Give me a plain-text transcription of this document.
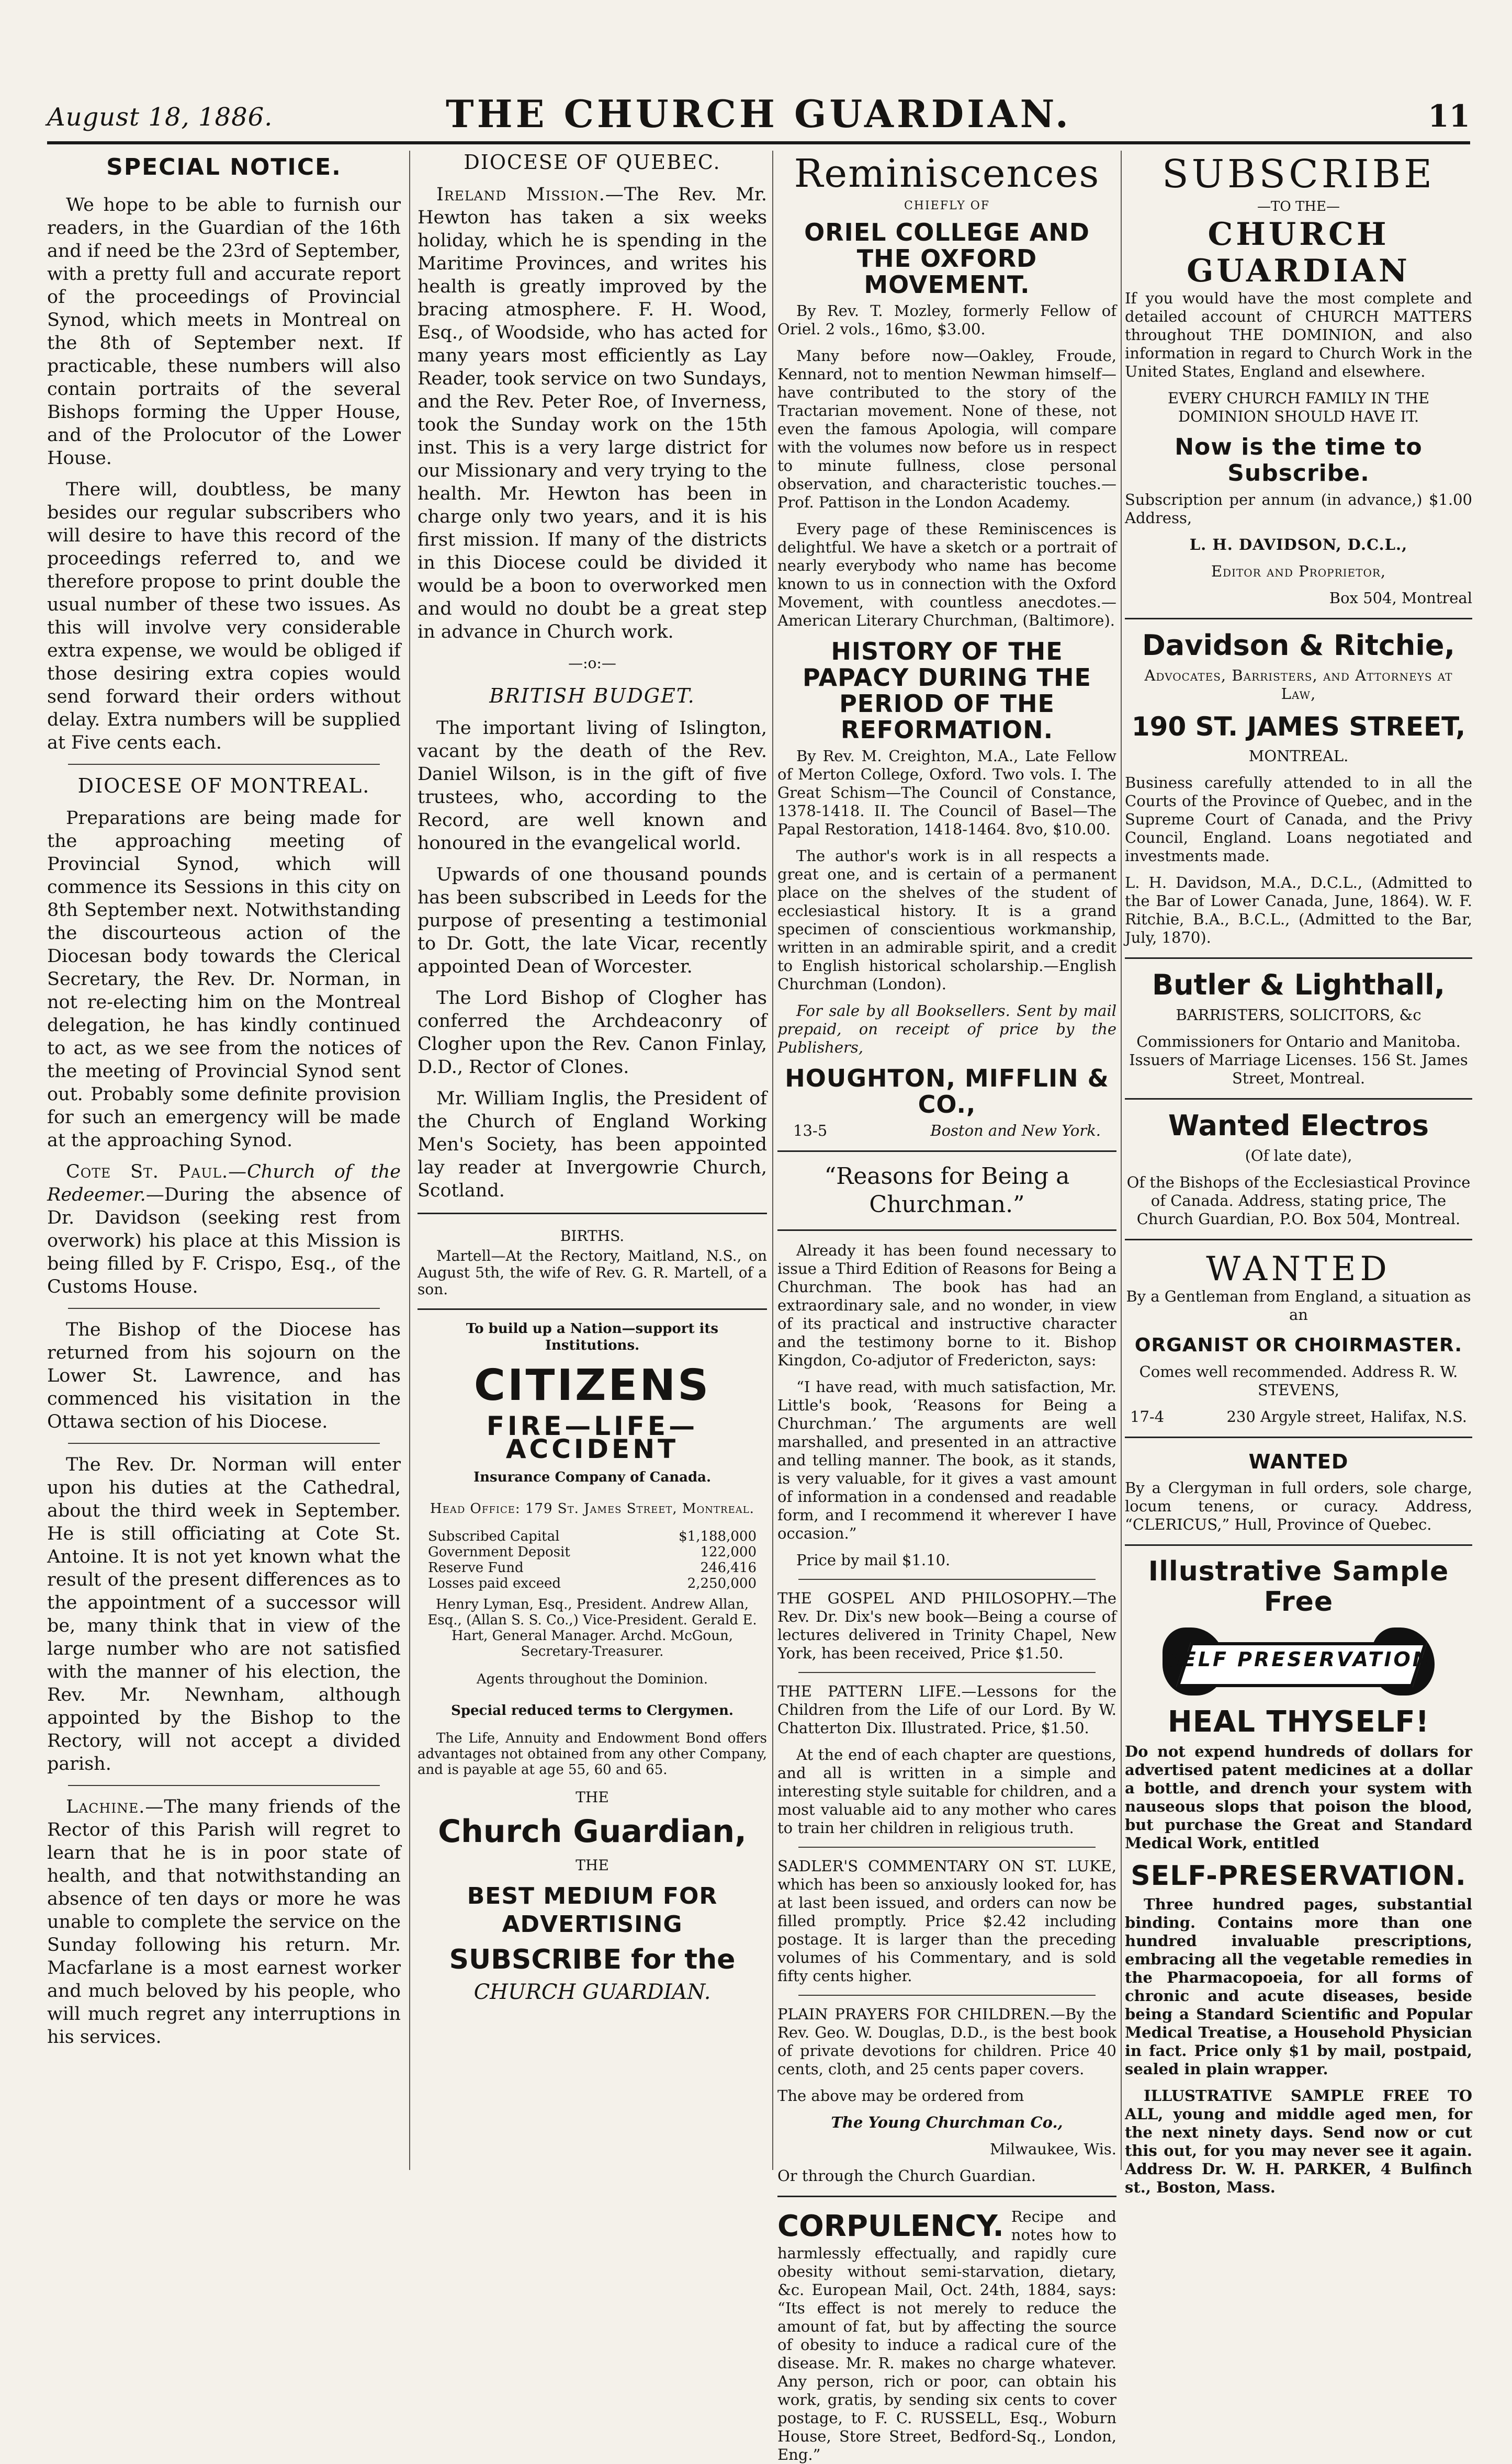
August 18, 1886.	THE CHURCH GUARDIAN.	11
SPECIAL NOTICE.

We hope to be able to furnish our readers, in the Guardian of the 16th and if need be the 23rd of September, with a pretty full and accurate report of the proceedings of Provincial Synod, which meets in Montreal on the 8th of September next. If practicable, these numbers will also contain portraits of the several Bishops forming the Upper House, and of the Prolocutor of the Lower House.

There will, doubtless, be many besides our regular subscribers who will desire to have this record of the proceedings referred to, and we therefore propose to print double the usual number of these two issues. As this will involve very considerable extra expense, we would be obliged if those desiring extra copies would send forward their orders without delay. Extra numbers will be supplied at Five cents each.

DIOCESE OF MONTREAL.

Preparations are being made for the approaching meeting of Provincial Synod, which will commence its Sessions in this city on 8th September next. Notwithstanding the discourteous action of the Diocesan body towards the Clerical Secretary, the Rev. Dr. Norman, in not re-electing him on the Montreal delegation, he has kindly continued to act, as we see from the notices of the meeting of Provincial Synod sent out. Probably some definite provision for such an emergency will be made at the approaching Synod.

Cote St. Paul.—Church of the Redeemer.—During the absence of Dr. Davidson (seeking rest from overwork) his place at this Mission is being filled by F. Crispo, Esq., of the Customs House.

The Bishop of the Diocese has returned from his sojourn on the Lower St. Lawrence, and has commenced his visitation in the Ottawa section of his Diocese.

The Rev. Dr. Norman will enter upon his duties at the Cathedral, about the third week in September. He is still officiating at Cote St. Antoine. It is not yet known what the result of the present differences as to the appointment of a successor will be, many think that in view of the large number who are not satisfied with the manner of his election, the Rev. Mr. Newnham, although appointed by the Bishop to the Rectory, will not accept a divided parish.

Lachine.—The many friends of the Rector of this Parish will regret to learn that he is in poor state of health, and that notwithstanding an absence of ten days or more he was unable to complete the service on the Sunday following his return. Mr. Macfarlane is a most earnest worker and much beloved by his people, who will much regret any interruptions in his services.

DIOCESE OF QUEBEC.

Ireland Mission.—The Rev. Mr. Hewton has taken a six weeks holiday, which he is spending in the Maritime Provinces, and writes his health is greatly improved by the bracing atmosphere. F. H. Wood, Esq., of Woodside, who has acted for many years most efficiently as Lay Reader, took service on two Sundays, and the Rev. Peter Roe, of Inverness, took the Sunday work on the 15th inst. This is a very large district for our Missionary and very trying to the health. Mr. Hewton has been in charge only two years, and it is his first mission. If many of the districts in this Diocese could be divided it would be a boon to overworked men and would no doubt be a great step in advance in Church work.

—:o:—
BRITISH BUDGET.

The important living of Islington, vacant by the death of the Rev. Daniel Wilson, is in the gift of five trustees, who, according to the Record, are well known and honoured in the evangelical world.

Upwards of one thousand pounds has been subscribed in Leeds for the purpose of presenting a testimonial to Dr. Gott, the late Vicar, recently appointed Dean of Worcester.

The Lord Bishop of Clogher has conferred the Archdeaconry of Clogher upon the Rev. Canon Finlay, D.D., Rector of Clones.

Mr. William Inglis, the President of the Church of England Working Men's Society, has been appointed lay reader at Invergowrie Church, Scotland.

BIRTHS.

Martell—At the Rectory, Maitland, N.S., on August 5th, the wife of Rev. G. R. Martell, of a son.

To build up a Nation—support its Institutions.

CITIZENS
FIRE—LIFE—ACCIDENT

Insurance Company of Canada.

Head Office: 179 St. James Street, Montreal.

Subscribed Capital	$1,188,000
Government Deposit	122,000
Reserve Fund	246,416
Losses paid exceed	2,250,000

Henry Lyman, Esq., President. Andrew Allan, Esq., (Allan S. S. Co.,) Vice-President. Gerald E. Hart, General Manager. Archd. McGoun, Secretary-Treasurer.

Agents throughout the Dominion.

Special reduced terms to Clergymen.

The Life, Annuity and Endowment Bond offers advantages not obtained from any other Company, and is payable at age 55, 60 and 65.

THE
Church Guardian,
THE
BEST MEDIUM FOR ADVERTISING
SUBSCRIBE for the
CHURCH GUARDIAN.
Reminiscences
CHIEFLY OF
ORIEL COLLEGE AND THE OXFORD MOVEMENT.

By Rev. T. Mozley, formerly Fellow of Oriel. 2 vols., 16mo, $3.00.

Many before now—Oakley, Froude, Kennard, not to mention Newman himself—have contributed to the story of the Tractarian movement. None of these, not even the famous Apologia, will compare with the volumes now before us in respect to minute fullness, close personal observation, and characteristic touches.—Prof. Pattison in the London Academy.

Every page of these Reminiscences is delightful. We have a sketch or a portrait of nearly everybody who name has become known to us in connection with the Oxford Movement, with countless anecdotes.—American Literary Churchman, (Baltimore).

HISTORY OF THE PAPACY DURING THE PERIOD OF THE REFORMATION.

By Rev. M. Creighton, M.A., Late Fellow of Merton College, Oxford. Two vols. I. The Great Schism—The Council of Constance, 1378-1418. II. The Council of Basel—The Papal Restoration, 1418-1464. 8vo, $10.00.

The author's work is in all respects a great one, and is certain of a permanent place on the shelves of the student of ecclesiastical history. It is a grand specimen of conscientious workmanship, written in an admirable spirit, and a credit to English historical scholarship.—English Churchman (London).

For sale by all Booksellers. Sent by mail prepaid, on receipt of price by the Publishers,

HOUGHTON, MIFFLIN & CO.,
13-5	Boston and New York.
“Reasons for Being a Churchman.”

Already it has been found necessary to issue a Third Edition of Reasons for Being a Churchman. The book has had an extraordinary sale, and no wonder, in view of its practical and instructive character and the testimony borne to it. Bishop Kingdon, Co-adjutor of Fredericton, says:

“I have read, with much satisfaction, Mr. Little's book, ‘Reasons for Being a Churchman.’ The arguments are well marshalled, and presented in an attractive and telling manner. The book, as it stands, is very valuable, for it gives a vast amount of information in a condensed and readable form, and I recommend it wherever I have occasion.”

Price by mail $1.10.

THE GOSPEL AND PHILOSOPHY.—The Rev. Dr. Dix's new book—Being a course of lectures delivered in Trinity Chapel, New York, has been received, Price $1.50.

THE PATTERN LIFE.—Lessons for the Children from the Life of our Lord. By W. Chatterton Dix. Illustrated. Price, $1.50.

At the end of each chapter are questions, and all is written in a simple and interesting style suitable for children, and a most valuable aid to any mother who cares to train her children in religious truth.

SADLER'S COMMENTARY ON ST. LUKE, which has been so anxiously looked for, has at last been issued, and orders can now be filled promptly. Price $2.42 including postage. It is larger than the preceding volumes of his Commentary, and is sold fifty cents higher.

PLAIN PRAYERS FOR CHILDREN.—By the Rev. Geo. W. Douglas, D.D., is the best book of private devotions for children. Price 40 cents, cloth, and 25 cents paper covers.

The above may be ordered from

The Young Churchman Co.,

Milwaukee, Wis.

Or through the Church Guardian.

CORPULENCY. Recipe and notes how to harmlessly effectually, and rapidly cure obesity without semi-starvation, dietary, &c. European Mail, Oct. 24th, 1884, says: “Its effect is not merely to reduce the amount of fat, but by affecting the source of obesity to induce a radical cure of the disease. Mr. R. makes no charge whatever. Any person, rich or poor, can obtain his work, gratis, by sending six cents to cover postage, to F. C. RUSSELL, Esq., Woburn House, Store Street, Bedford-Sq., London, Eng.”
SUBSCRIBE
—TO THE—
CHURCH GUARDIAN

If you would have the most complete and detailed account of CHURCH MATTERS throughout THE DOMINION, and also information in regard to Church Work in the United States, England and elsewhere.

EVERY CHURCH FAMILY IN THE DOMINION SHOULD HAVE IT.

Now is the time to Subscribe.

Subscription per annum (in advance,) $1.00 Address,

L. H. DAVIDSON, D.C.L.,

Editor and Proprietor,

Box 504, Montreal

Davidson & Ritchie,

Advocates, Barristers, and Attorneys at Law,

190 ST. JAMES STREET,

MONTREAL.

Business carefully attended to in all the Courts of the Province of Quebec, and in the Supreme Court of Canada, and the Privy Council, England. Loans negotiated and investments made.

L. H. Davidson, M.A., D.C.L., (Admitted to the Bar of Lower Canada, June, 1864). W. F. Ritchie, B.A., B.C.L., (Admitted to the Bar, July, 1870).

Butler & Lighthall,

BARRISTERS, SOLICITORS, &c

Commissioners for Ontario and Manitoba. Issuers of Marriage Licenses. 156 St. James Street, Montreal.

Wanted Electros

(Of late date),

Of the Bishops of the Ecclesiastical Province of Canada. Address, stating price, The Church Guardian, P.O. Box 504, Montreal.

WANTED

By a Gentleman from England, a situation as an

ORGANIST OR CHOIRMASTER.

Comes well recommended. Address R. W. STEVENS,

17-4	230 Argyle street, Halifax, N.S.
WANTED

By a Clergyman in full orders, sole charge, locum tenens, or curacy. Address, “CLERICUS,” Hull, Province of Quebec.

Illustrative Sample Free
SELF PRESERVATION
HEAL THYSELF!

Do not expend hundreds of dollars for advertised patent medicines at a dollar a bottle, and drench your system with nauseous slops that poison the blood, but purchase the Great and Standard Medical Work, entitled

SELF-PRESERVATION.

Three hundred pages, substantial binding. Contains more than one hundred invaluable prescriptions, embracing all the vegetable remedies in the Pharmacopoeia, for all forms of chronic and acute diseases, beside being a Standard Scientific and Popular Medical Treatise, a Household Physician in fact. Price only $1 by mail, postpaid, sealed in plain wrapper.

ILLUSTRATIVE SAMPLE FREE TO ALL, young and middle aged men, for the next ninety days. Send now or cut this out, for you may never see it again. Address Dr. W. H. PARKER, 4 Bulfinch st., Boston, Mass.
